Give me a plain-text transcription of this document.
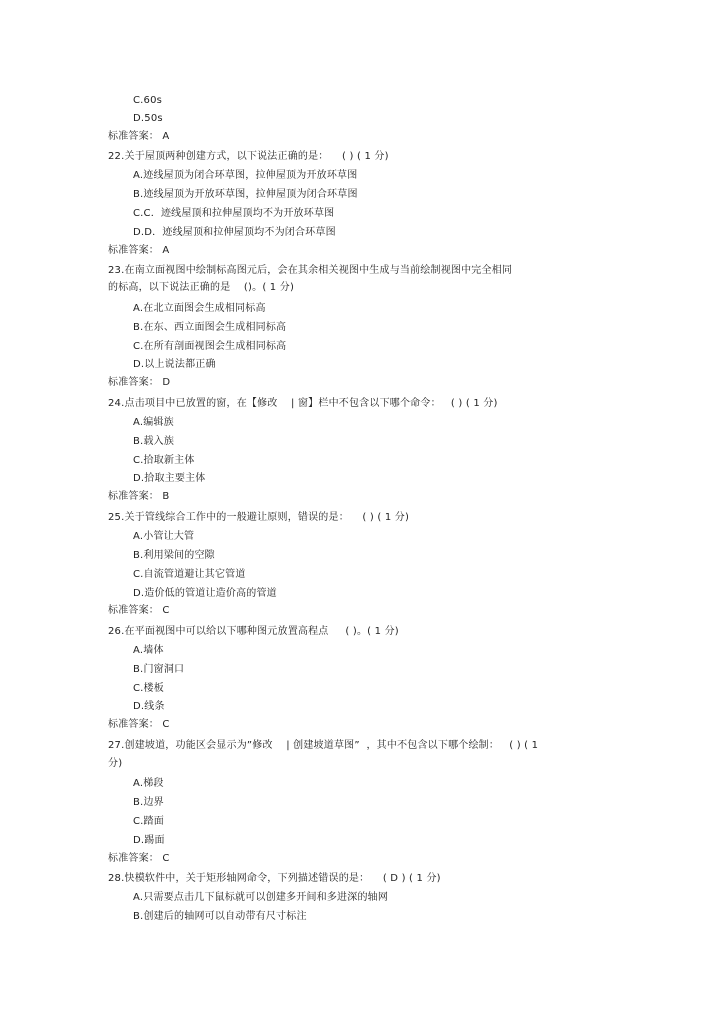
C.60s
D.50s
标准答案： A
22.关于屋顶两种创建方式，以下说法正确的是：    ( ) ( 1 分)
A.迹线屋顶为闭合环草图，拉伸屋顶为开放环草图
B.迹线屋顶为开放环草图，拉伸屋顶为闭合环草图
C.C．迹线屋顶和拉伸屋顶均不为开放环草图
D.D．迹线屋顶和拉伸屋顶均不为闭合环草图
标准答案： A
23.在南立面视图中绘制标高图元后，会在其余相关视图中生成与当前绘制视图中完全相同
的标高，以下说法正确的是    ()。( 1 分)
A.在北立面图会生成相同标高
B.在东、西立面图会生成相同标高
C.在所有剖面视图会生成相同标高
D.以上说法都正确
标准答案： D
24.点击项目中已放置的窗，在【修改    | 窗】栏中不包含以下哪个命令：   ( ) ( 1 分)
A.编辑族
B.载入族
C.拾取新主体
D.拾取主要主体
标准答案： B
25.关于管线综合工作中的一般避让原则，错误的是：    ( ) ( 1 分)
A.小管让大管
B.利用梁间的空隙
C.自流管道避让其它管道
D.造价低的管道让造价高的管道
标准答案： C
26.在平面视图中可以给以下哪种图元放置高程点     ( )。( 1 分)
A.墙体
B.门窗洞口
C.楼板
D.线条
标准答案： C
27.创建坡道，功能区会显示为”修改    | 创建坡道草图”  ，其中不包含以下哪个绘制：   ( ) ( 1
分)
A.梯段
B.边界
C.踏面
D.踢面
标准答案： C
28.快模软件中，关于矩形轴网命令，下列描述错误的是：    ( D ) ( 1 分)
A.只需要点击几下鼠标就可以创建多开间和多进深的轴网
B.创建后的轴网可以自动带有尺寸标注
